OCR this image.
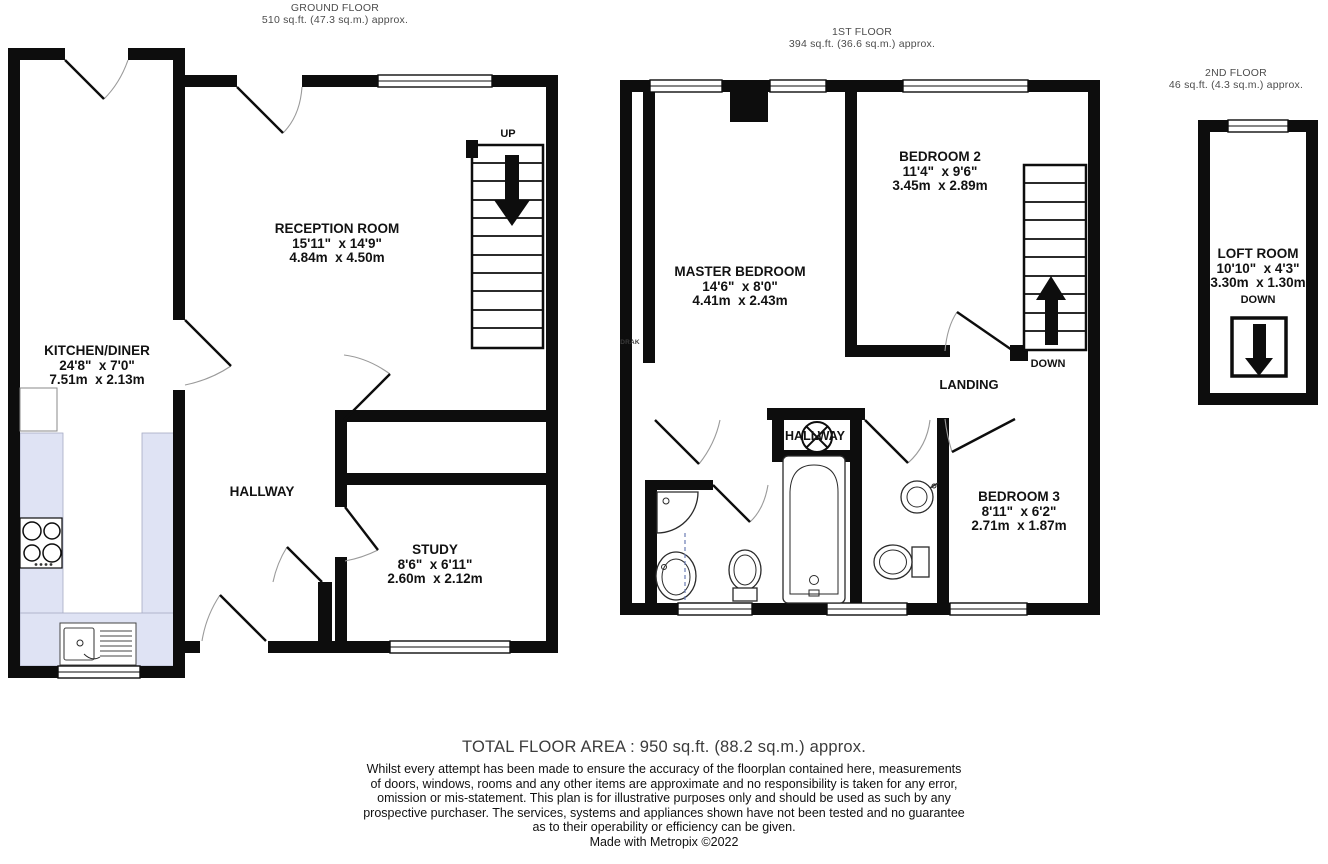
GROUND FLOOR
510 sq.ft. (47.3 sq.m.) approx.
1ST FLOOR
394 sq.ft. (36.6 sq.m.) approx.
2ND FLOOR
46 sq.ft. (4.3 sq.m.) approx.
RECEPTION ROOM
15'11"  x 14'9"
4.84m  x 4.50m
KITCHEN/DINER
24'8"  x 7'0"
7.51m  x 2.13m
HALLWAY
STUDY
8'6"  x 6'11"
2.60m  x 2.12m
UP
MASTER BEDROOM
14'6"  x 8'0"
4.41m  x 2.43m
BEDROOM 2
11'4"  x 9'6"
3.45m  x 2.89m
BEDROOM 3
8'11"  x 6'2"
2.71m  x 1.87m
LANDING
HALLWAY
DOWN
DRAK
LOFT ROOM
10'10"  x 4'3"
3.30m  x 1.30m
DOWN
TOTAL FLOOR AREA : 950 sq.ft. (88.2 sq.m.) approx.
Whilst every attempt has been made to ensure the accuracy of the floorplan contained here, measurements
of doors, windows, rooms and any other items are approximate and no responsibility is taken for any error,
omission or mis-statement. This plan is for illustrative purposes only and should be used as such by any
prospective purchaser. The services, systems and appliances shown have not been tested and no guarantee
as to their operability or efficiency can be given.
Made with Metropix ©2022
